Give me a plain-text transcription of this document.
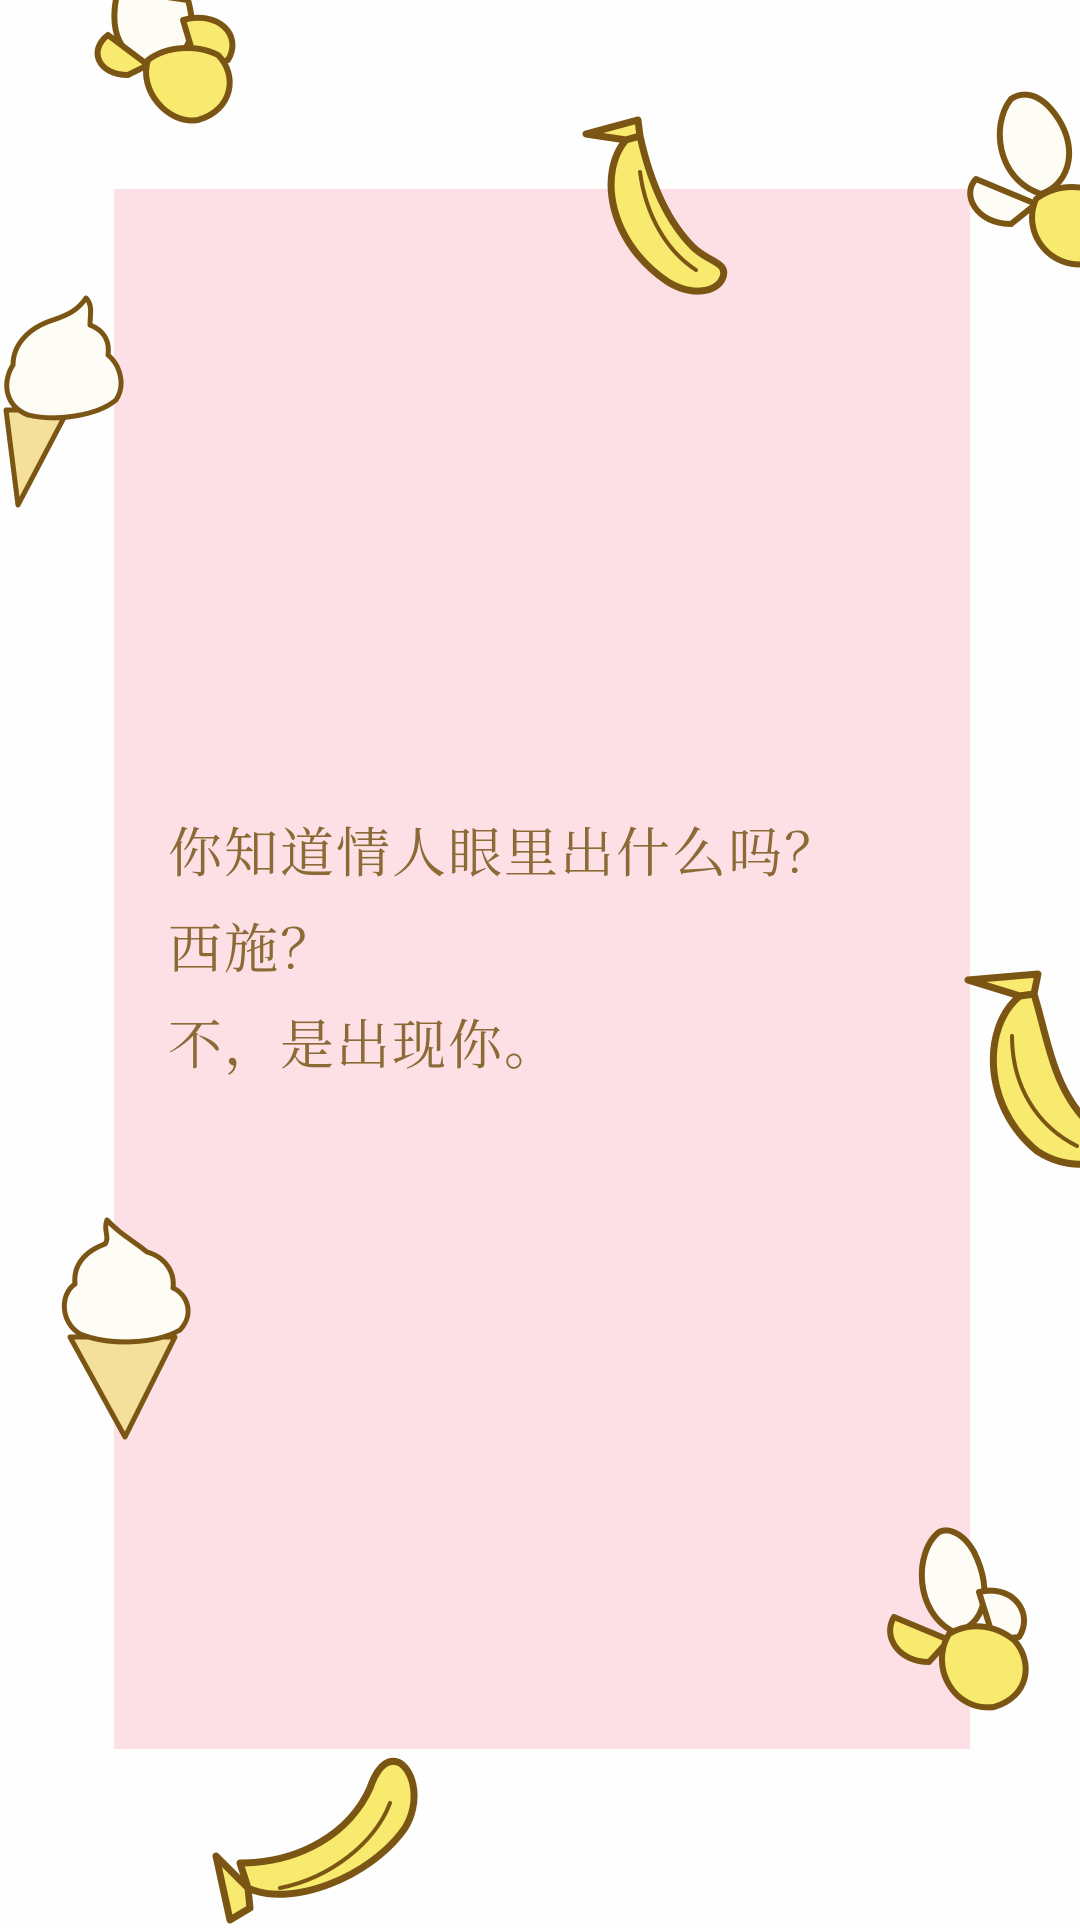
你知道情人眼里出什么吗？
西施？
不，是出现你。
